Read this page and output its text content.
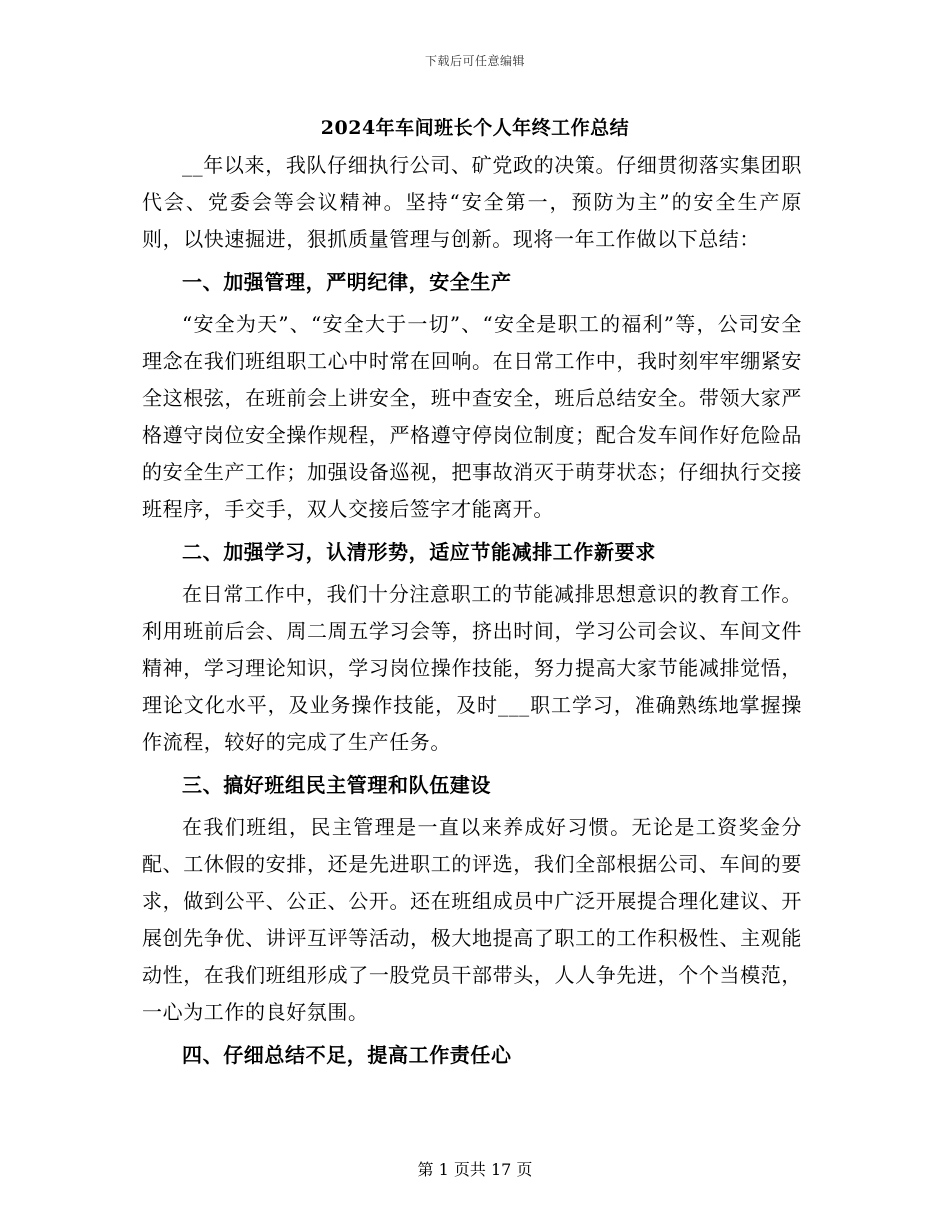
下载后可任意编辑
2024年车间班长个人年终工作总结

__年以来，我队仔细执行公司、矿党政的决策。仔细贯彻落实集团职代会、党委会等会议精神。坚持“安全第一，预防为主”的安全生产原则，以快速掘进，狠抓质量管理与创新。现将一年工作做以下总结：

一、加强管理，严明纪律，安全生产

“安全为天”、“安全大于一切”、“安全是职工的福利”等，公司安全理念在我们班组职工心中时常在回响。在日常工作中，我时刻牢牢绷紧安全这根弦，在班前会上讲安全，班中查安全，班后总结安全。带领大家严格遵守岗位安全操作规程，严格遵守停岗位制度；配合发车间作好危险品的安全生产工作；加强设备巡视，把事故消灭于萌芽状态；仔细执行交接班程序，手交手，双人交接后签字才能离开。

二、加强学习，认清形势，适应节能减排工作新要求

在日常工作中，我们十分注意职工的节能减排思想意识的教育工作。利用班前后会、周二周五学习会等，挤出时间，学习公司会议、车间文件精神，学习理论知识，学习岗位操作技能，努力提高大家节能减排觉悟，理论文化水平，及业务操作技能，及时___职工学习，准确熟练地掌握操作流程，较好的完成了生产任务。

三、搞好班组民主管理和队伍建设

在我们班组，民主管理是一直以来养成好习惯。无论是工资奖金分配、工休假的安排，还是先进职工的评选，我们全部根据公司、车间的要求，做到公平、公正、公开。还在班组成员中广泛开展提合理化建议、开展创先争优、讲评互评等活动，极大地提高了职工的工作积极性、主观能动性，在我们班组形成了一股党员干部带头，人人争先进，个个当模范，一心为工作的良好氛围。

四、仔细总结不足，提高工作责任心
第 1 页共 17 页
